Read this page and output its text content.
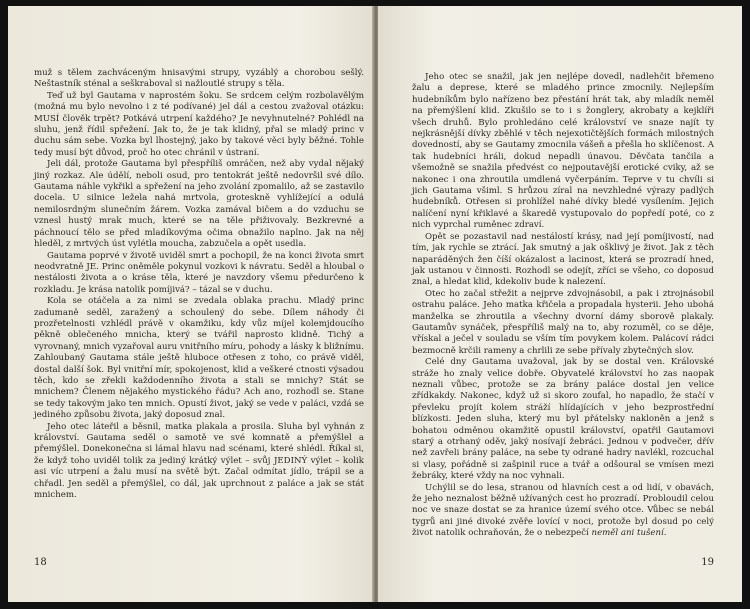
muž s tělem zachváceným hnisavými strupy, vyzáblý a chorobou sešlý. Neštastník sténal a seškraboval si nažloutlé strupy s těla.

Teď už byl Gautama v naprostém šoku. Se srdcem celým rozbolavělým (možná mu bylo nevolno i z té podívané) jel dál a cestou zvažoval otázku: MUSÍ člověk trpět? Potkává utrpení každého? Je nevyhnutelné? Pohlédl na sluhu, jenž řídil spřežení. Jak to, že je tak klidný, přal se mladý princ v duchu sám sebe. Vozka byl lhostejný, jako by takové věci byly běžné. Tohle tedy musí být důvod, proč ho otec chránil v ústraní.

Jeli dál, protože Gautama byl přespříliš omráčen, než aby vydal nějaký jiný rozkaz. Ale údělí, neboli osud, pro tentokrát ještě nedovršil své dílo. Gautama náhle vykřikl a spřežení na jeho zvolání zpomalilo, až se zastavilo docela. U silnice ležela nahá mrtvola, groteskně vyhlížející a odulá nemilosrdným slunečním žárem. Vozka zamával bičem a do vzduchu se vznesl hustý mrak much, které se na těle přiživovaly. Bezkrevné a páchnoucí tělo se před mladíkovýma očima obnažilo naplno. Jak na něj hleděl, z mrtvých úst vylétla moucha, zabzučela a opět usedla.

Gautama poprvé v životě uviděl smrt a pochopil, že na konci života smrt neodvratně JE. Princ oněměle pokynul vozkovi k návratu. Seděl a hloubal o nestálosti života a o kráse těla, které je navzdory všemu předurčeno k rozkladu. Je krása natolik pomíjivá? – tázal se v duchu.

Kola se otáčela a za nimi se zvedala oblaka prachu. Mladý princ zadumaně seděl, zaražený a schoulený do sebe. Dílem náhody či prozřetelnosti vzhlédl právě v okamžiku, kdy vůz míjel kolemjdoucího pěkně oblečeného mnicha, který se tvářil naprosto klidně. Tichý a vyrovnaný, mnich vyzařoval auru vnitřního míru, pohody a lásky k bližnímu. Zahloubaný Gautama stále ještě hluboce otřesen z toho, co právě viděl, dostal další šok. Byl vnitřní mír, spokojenost, klid a veškeré ctnosti výsadou těch, kdo se zřekli každodenního života a stali se mnichy? Stát se mnichem? Členem nějakého mystického řádu? Ach ano, rozhodl se. Stane se tedy takovým jako ten mnich. Opustí život, jaký se vede v paláci, vzdá se jediného způsobu života, jaký doposud znal.

Jeho otec láteřil a běsnil, matka plakala a prosila. Sluha byl vyhnán z království. Gautama seděl o samotě ve své komnatě a přemýšlel a přemýšlel. Donekonečna si lámal hlavu nad scénami, které shlédl. Říkal si, že když toho uviděl tolik za jediný krátký výlet – svůj JEDINÝ výlet – kolik asi víc utrpení a žalu musí na světě být. Začal odmítat jídlo, trápil se a chřadl. Jen seděl a přemýšlel, co dál, jak uprchnout z paláce a jak se stát mnichem.

18

Jeho otec se snažil, jak jen nejlépe dovedl, nadlehčit břemeno žalu a deprese, které se mladého prince zmocnily. Nejlepším hudebníkům bylo nařízeno bez přestání hrát tak, aby mladík neměl na přemýšlení klid. Zkušilo se to i s žonglery, akrobaty a kejklíři všech druhů. Bylo prohledáno celé království ve snaze najít ty nejkrásnější dívky zběhlé v těch nejexotičtějších formách milostných dovedností, aby se Gautamy zmocnila vášeň a přešla ho sklíčenost. A tak hudebníci hráli, dokud nepadli únavou. Děvčata tančila a všemožně se snažila předvést co nejpoutavější erotické cviky, až se nakonec i ona zhroutila umdlená vyčerpáním. Teprve v tu chvíli si jich Gautama všiml. S hrůzou zíral na nevzhledné výrazy padlých hudebníků. Otřesen si prohlížel nahé dívky bledé vysílením. Jejich nalíčení nyní křiklavé a škaredě vystupovalo do popředí poté, co z nich vyprchal ruměnec zdraví.

Opět se pozastavil nad nestálostí krásy, nad její pomíjivostí, nad tím, jak rychle se ztrácí. Jak smutný a jak ošklivý je život. Jak z těch naparáděných žen číší okázalost a lacinost, která se prozradí hned, jak ustanou v činnosti. Rozhodl se odejít, zříci se všeho, co doposud znal, a hledat klid, kdekoliv bude k nalezení.

Otec ho začal střežit a nejprve zdvojnásobil, a pak i ztrojnásobil ostrahu paláce. Jeho matka křičela a propadala hysterii. Jeho ubohá manželka se zhroutila a všechny dvorní dámy sborově plakaly. Gautamův synáček, přespříliš malý na to, aby rozuměl, co se děje, vřískal a ječel v souladu se vším tím povykem kolem. Palácoví rádci bezmocně krčili rameny a chrlili ze sebe přívaly zbytečných slov.

Celé dny Gautama uvažoval, jak by se dostal ven. Královské stráže ho znaly velice dobře. Obyvatelé království ho zas naopak neznali vůbec, protože se za brány paláce dostal jen velice zřídkakdy. Nakonec, když už si skoro zoufal, ho napadlo, že stačí v převleku projít kolem stráží hlídajících v jeho bezprostřední blízkosti. Jeden sluha, který mu byl přátelsky nakloněn a jenž s bohatou odměnou okamžitě opustil království, opatřil Gautamovi starý a otrhaný oděv, jaký nosívají žebráci. Jednou v podvečer, dřív než zavřeli brány paláce, na sebe ty odrané hadry navlékl, rozcuchal si vlasy, pořádně si zašpinil ruce a tvář a odšoural se vmísen mezi žebráky, které vždy na noc vyhnali.

Uchýlil se do lesa, stranou od hlavních cest a od lidí, v obavách, že jeho neznalost běžně užívaných cest ho prozradí. Probloudil celou noc ve snaze dostat se za hranice území svého otce. Vůbec se nebál tygrů ani jiné divoké zvěře lovící v noci, protože byl dosud po celý život natolik ochraňován, že o nebezpečí neměl ani tušení.

19
